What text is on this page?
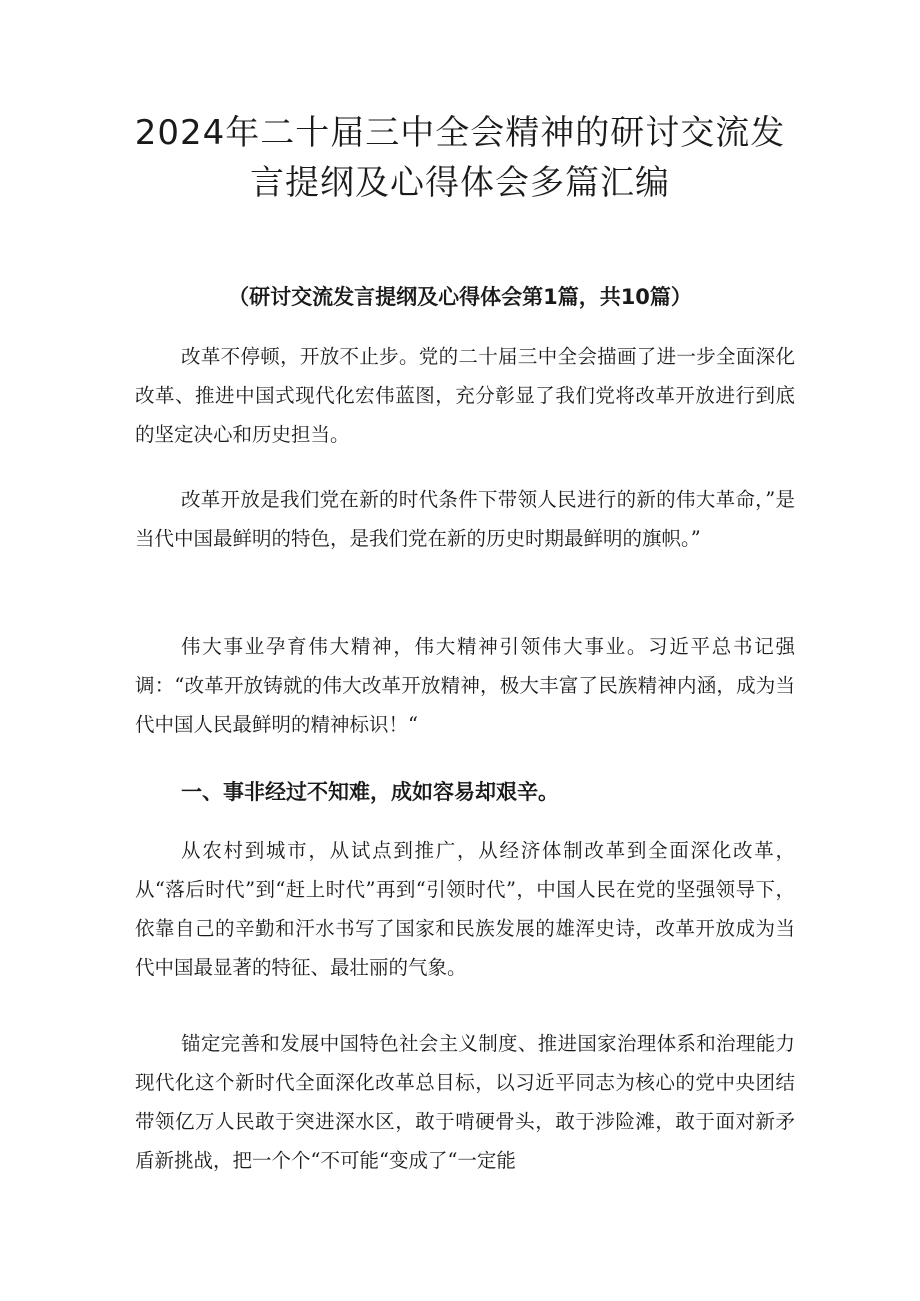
2024年二十届三中全会精神的研讨交流发
言提纲及心得体会多篇汇编
（研讨交流发言提纲及心得体会第1篇，共10篇）

改革不停顿，开放不止步。党的二十届三中全会描画了进一步全面深化改革、推进中国式现代化宏伟蓝图，充分彰显了我们党将改革开放进行到底的坚定决心和历史担当。

改革开放是我们党在新的时代条件下带领人民进行的新的伟大革命，”是当代中国最鲜明的特色，是我们党在新的历史时期最鲜明的旗帜。”

伟大事业孕育伟大精神，伟大精神引领伟大事业。习近平总书记强调：“改革开放铸就的伟大改革开放精神，极大丰富了民族精神内涵，成为当代中国人民最鲜明的精神标识！“

一、事非经过不知难，成如容易却艰辛。

从农村到城市，从试点到推广，从经济体制改革到全面深化改革，从“落后时代”到“赶上时代”再到“引领时代”，中国人民在党的坚强领导下，依靠自己的辛勤和汗水书写了国家和民族发展的雄浑史诗，改革开放成为当代中国最显著的特征、最壮丽的气象。

锚定完善和发展中国特色社会主义制度、推进国家治理体系和治理能力现代化这个新时代全面深化改革总目标，以习近平同志为核心的党中央团结带领亿万人民敢于突进深水区，敢于啃硬骨头，敢于涉险滩，敢于面对新矛盾新挑战，把一个个“不可能“变成了“一定能
